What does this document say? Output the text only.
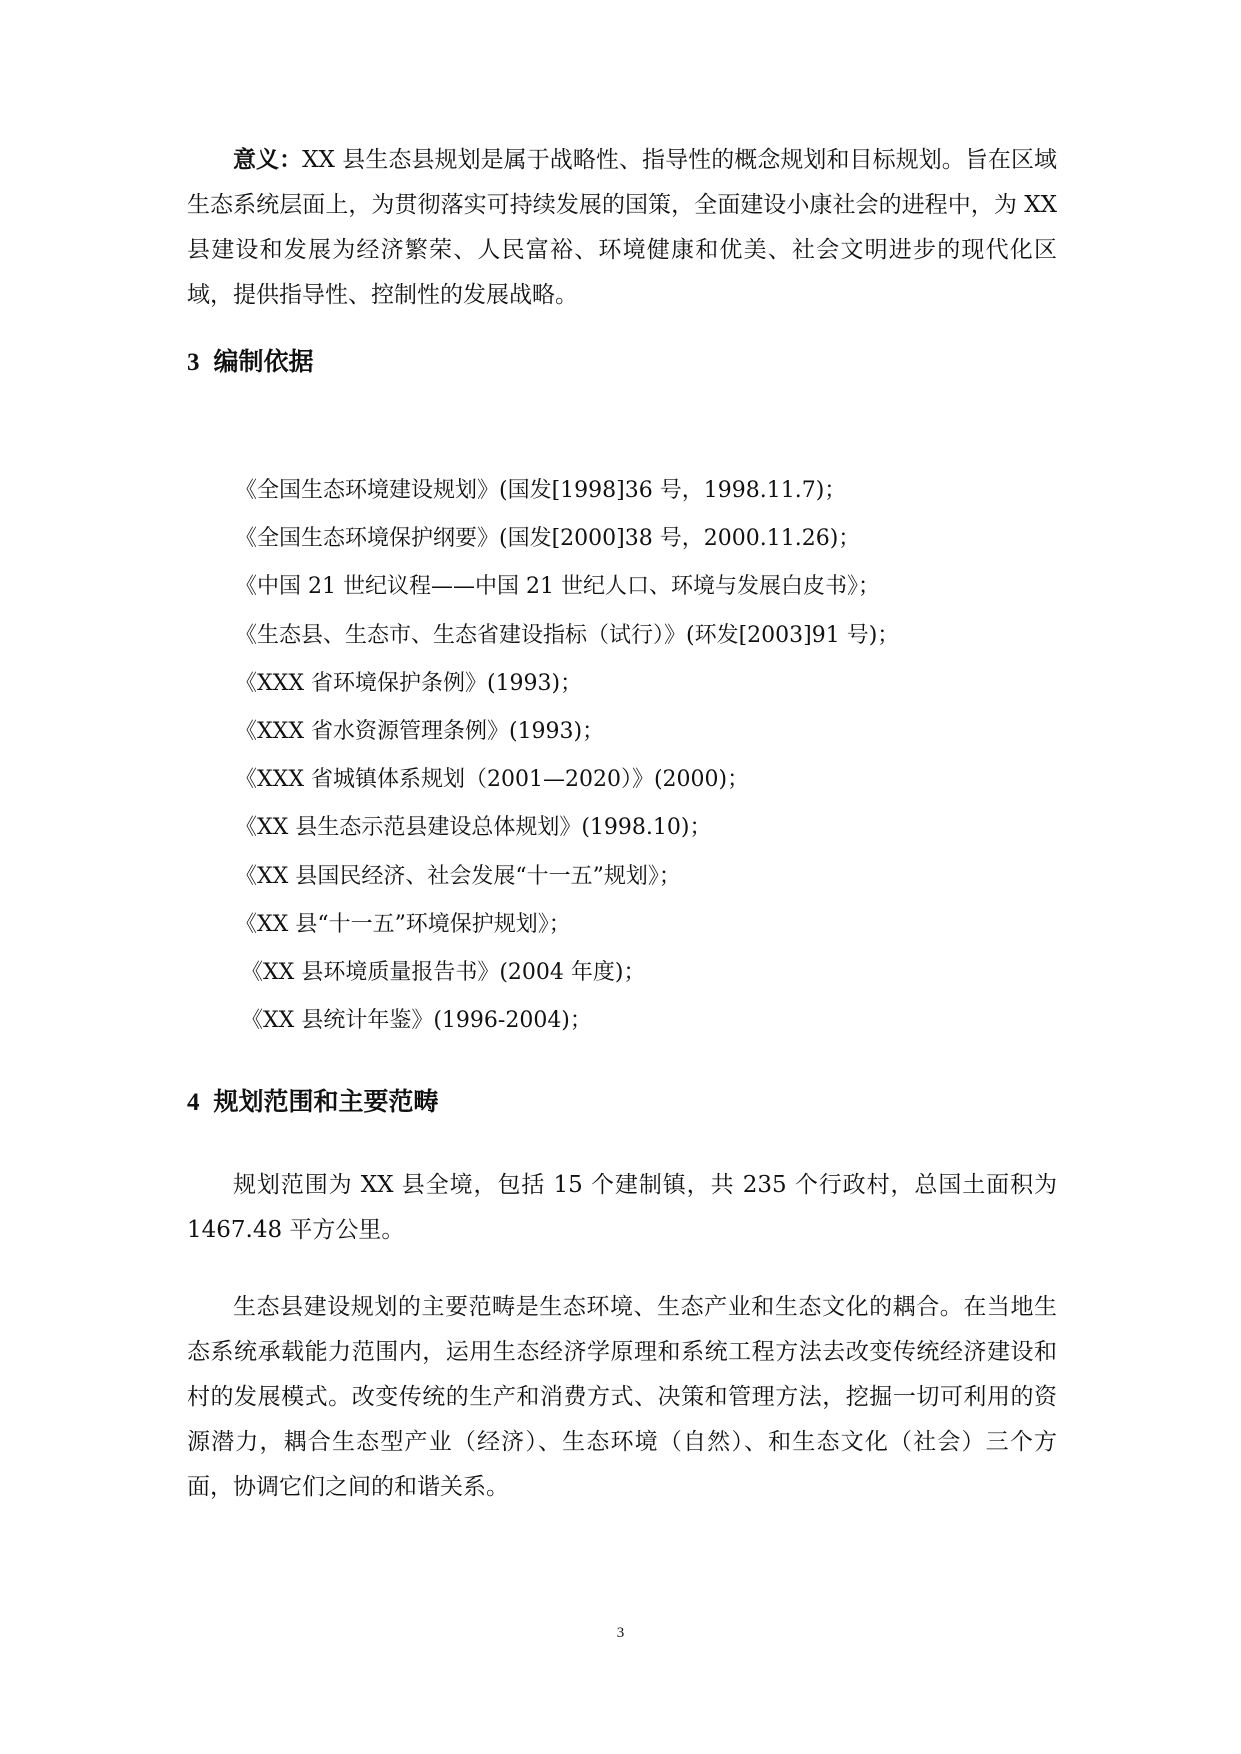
意义：XX 县生态县规划是属于战略性、指导性的概念规划和目标规划。旨在区域生态系统层面上，为贯彻落实可持续发展的国策，全面建设小康社会的进程中，为 XX 县建设和发展为经济繁荣、人民富裕、环境健康和优美、社会文明进步的现代化区域，提供指导性、控制性的发展战略。

3 编制依据
《全国生态环境建设规划》(国发[1998]36 号，1998.11.7)；
《全国生态环境保护纲要》(国发[2000]38 号，2000.11.26)；
《中国 21 世纪议程——中国 21 世纪人口、环境与发展白皮书》；
《生态县、生态市、生态省建设指标（试行）》(环发[2003]91 号)；
《XXX 省环境保护条例》(1993)；
《XXX 省水资源管理条例》(1993)；
《XXX 省城镇体系规划（2001—2020）》(2000)；
《XX 县生态示范县建设总体规划》(1998.10)；
《XX 县国民经济、社会发展“十一五”规划》；
《XX 县“十一五”环境保护规划》；
《XX 县环境质量报告书》(2004 年度)；
《XX 县统计年鉴》(1996-2004)；
4 规划范围和主要范畴

规划范围为 XX 县全境，包括 15 个建制镇，共 235 个行政村，总国土面积为 1467.48 平方公里。

生态县建设规划的主要范畴是生态环境、生态产业和生态文化的耦合。在当地生态系统承载能力范围内，运用生态经济学原理和系统工程方法去改变传统经济建设和村的发展模式。改变传统的生产和消费方式、决策和管理方法，挖掘一切可利用的资源潜力，耦合生态型产业（经济）、生态环境（自然）、和生态文化（社会）三个方面，协调它们之间的和谐关系。

3
